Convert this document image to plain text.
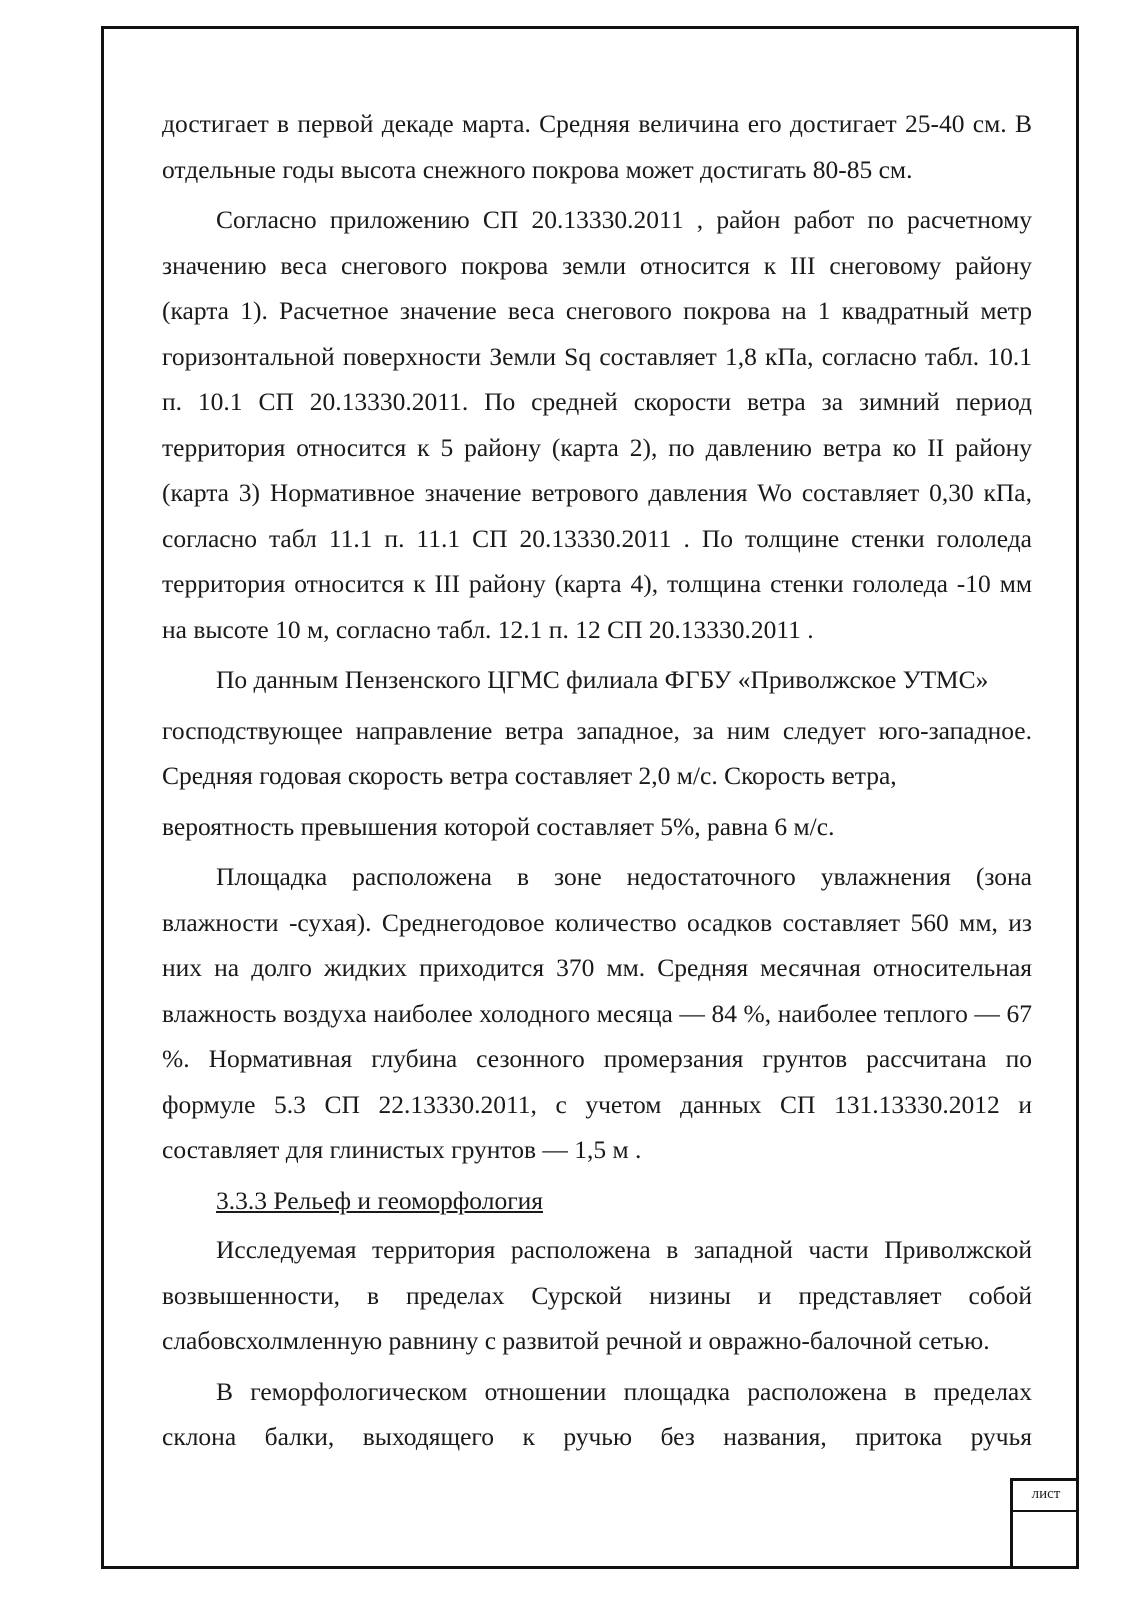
достигает в первой декаде марта. Средняя величина его достигает 25-40 см. В отдельные годы высота снежного покрова может достигать 80-85 см.

Согласно приложению СП 20.13330.2011 , район работ по расчетному значению веса снегового покрова земли относится к III снеговому району (карта 1). Расчетное значение веса снегового покрова на 1 квадратный метр горизонтальной поверхности Земли Sq составляет 1,8 кПа, согласно табл. 10.1 п. 10.1 СП 20.13330.2011. По средней скорости ветра за зимний период территория относится к 5 району (карта 2), по давлению ветра ко II району (карта 3) Нормативное значение ветрового давления Wo составляет 0,30 кПа, согласно табл 11.1 п. 11.1 СП 20.13330.2011 . По толщине стенки гололеда территория относится к III району (карта 4), толщина стенки гололеда -10 мм на высоте 10 м, согласно табл. 12.1 п. 12 СП 20.13330.2011 .

По данным Пензенского ЦГМС филиала ФГБУ «Приволжское УТМС»

господствующее направление ветра западное, за ним следует юго-западное. Средняя годовая скорость ветра составляет 2,0 м/с. Скорость ветра,

вероятность превышения которой составляет 5%, равна 6 м/с.

Площадка расположена в зоне недостаточного увлажнения (зона влажности -сухая). Среднегодовое количество осадков составляет 560 мм, из них на долго жидких приходится 370 мм. Средняя месячная относительная влажность воздуха наиболее холодного месяца — 84 %, наиболее теплого — 67 %. Нормативная глубина сезонного промерзания грунтов рассчитана по формуле 5.3 СП 22.13330.2011, с учетом данных СП 131.13330.2012 и составляет для глинистых грунтов — 1,5 м .

3.3.3 Рельеф и геоморфология

Исследуемая территория расположена в западной части Приволжской возвышенности, в пределах Сурской низины и представляет собой слабовсхолмленную равнину с развитой речной и овражно-балочной сетью.

В геморфологическом отношении площадка расположена в пределах склона балки, выходящего к ручью без названия, притока ручья

лист
